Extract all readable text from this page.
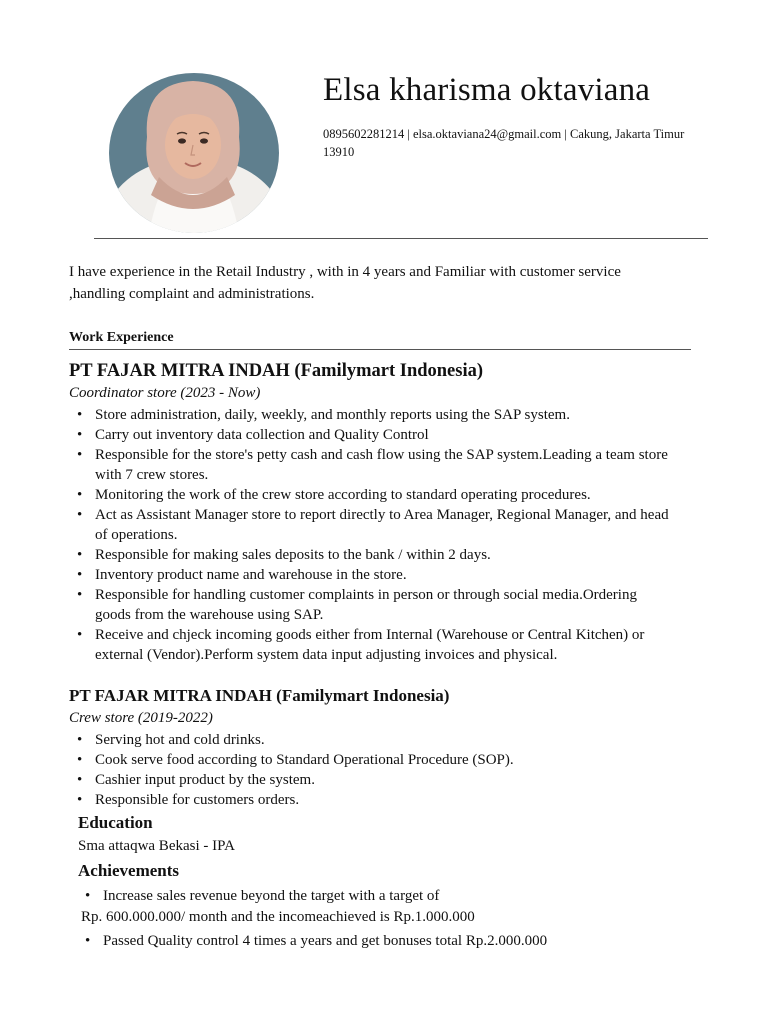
Elsa kharisma oktaviana
0895602281214 | elsa.oktaviana24@gmail.com | Cakung, Jakarta Timur 13910
I have experience in the Retail Industry , with in 4 years and Familiar with customer service ,handling complaint and administrations.
Work Experience
PT FAJAR MITRA INDAH (Familymart Indonesia)
Coordinator store (2023 - Now)
• Store administration, daily, weekly, and monthly reports using the SAP system.
• Carry out inventory data collection and Quality Control
• Responsible for the store's petty cash and cash flow using the SAP system.Leading a team store with 7 crew stores.
• Monitoring the work of the crew store according to standard operating procedures.
• Act as Assistant Manager store to report directly to Area Manager, Regional Manager, and head of operations.
• Responsible for making sales deposits to the bank / within 2 days.
• Inventory product name and warehouse in the store.
• Responsible for handling customer complaints in person or through social media.Ordering goods from the warehouse using SAP.
• Receive and chjeck incoming goods either from Internal (Warehouse or Central Kitchen) or external (Vendor).Perform system data input adjusting invoices and physical.
PT FAJAR MITRA INDAH (Familymart Indonesia)
Crew store (2019-2022)
• Serving hot and cold drinks.
• Cook serve food according to Standard Operational Procedure (SOP).
• Cashier input product by the system.
• Responsible for customers orders.
Education
Sma attaqwa Bekasi - IPA
Achievements
• Increase sales revenue beyond the target with a target of
Rp. 600.000.000/ month and the incomeachieved is Rp.1.000.000
• Passed Quality control 4 times a years and get bonuses total Rp.2.000.000
